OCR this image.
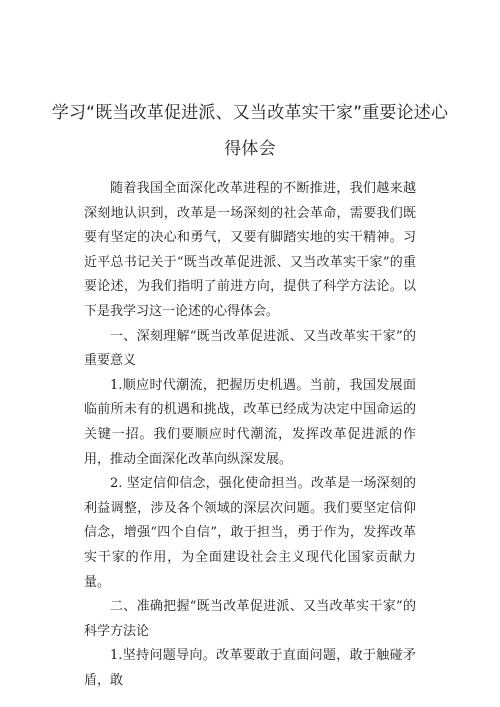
学习“既当改革促进派、又当改革实干家”重要论述心
得体会

随着我国全面深化改革进程的不断推进，我们越来越深刻地认识到，改革是一场深刻的社会革命，需要我们既要有坚定的决心和勇气，又要有脚踏实地的实干精神。习近平总书记关于“既当改革促进派、又当改革实干家”的重要论述，为我们指明了前进方向，提供了科学方法论。以下是我学习这一论述的心得体会。

一、深刻理解“既当改革促进派、又当改革实干家”的重要意义

1.顺应时代潮流，把握历史机遇。当前，我国发展面临前所未有的机遇和挑战，改革已经成为决定中国命运的关键一招。我们要顺应时代潮流，发挥改革促进派的作用，推动全面深化改革向纵深发展。

2. 坚定信仰信念，强化使命担当。改革是一场深刻的利益调整，涉及各个领域的深层次问题。我们要坚定信仰信念，增强“四个自信”，敢于担当，勇于作为，发挥改革实干家的作用，为全面建设社会主义现代化国家贡献力量。

二、准确把握“既当改革促进派、又当改革实干家”的科学方法论

1.坚持问题导向。改革要敢于直面问题，敢于触碰矛盾，敢
